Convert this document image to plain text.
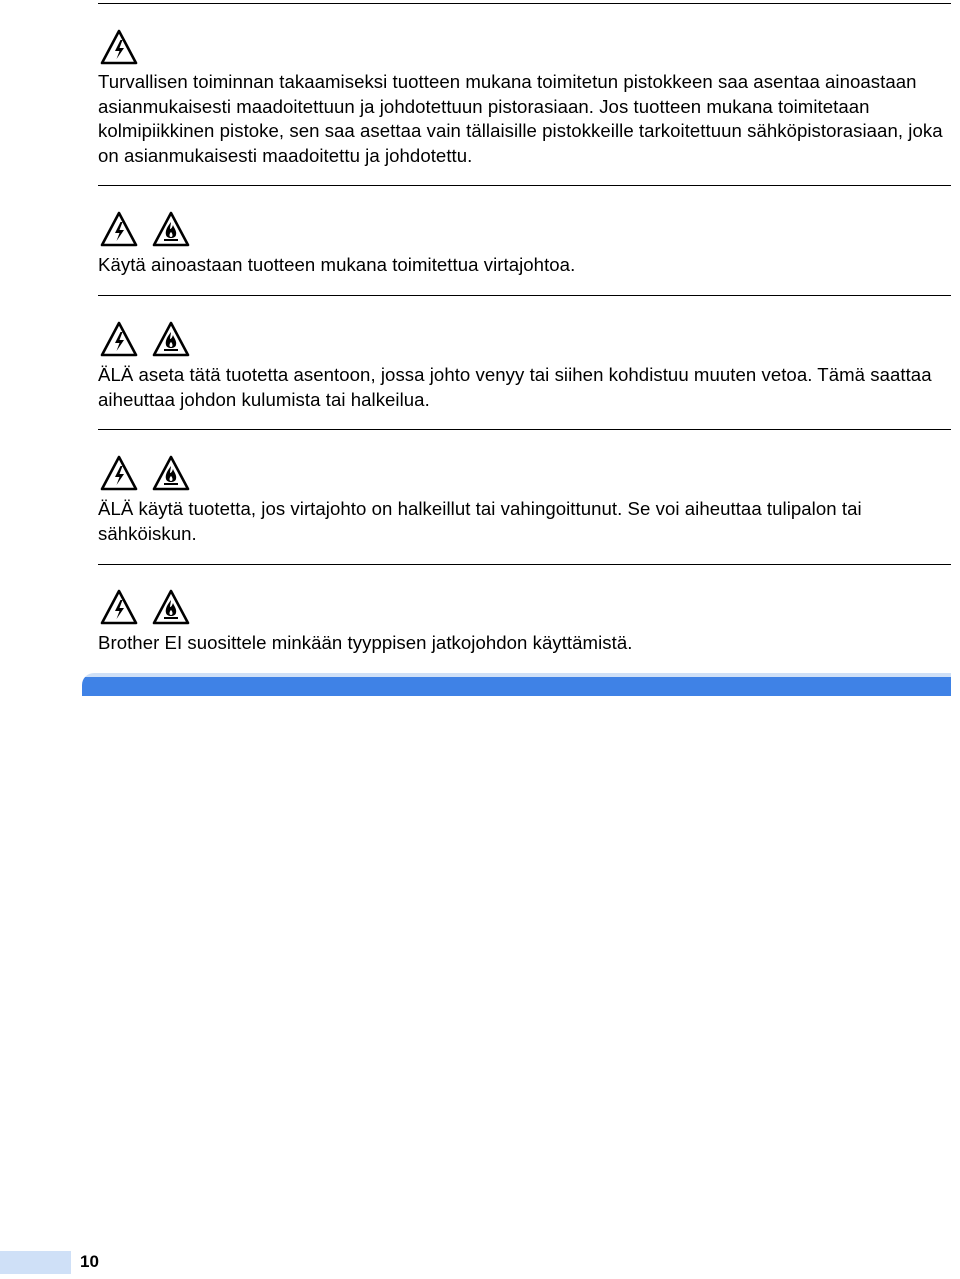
Turvallisen toiminnan takaamiseksi tuotteen mukana toimitetun pistokkeen saa asentaa ainoastaan asianmukaisesti maadoitettuun ja johdotettuun pistorasiaan. Jos tuotteen mukana toimitetaan kolmipiikkinen pistoke, sen saa asettaa vain tällaisille pistokkeille tarkoitettuun sähköpistorasiaan, joka on asianmukaisesti maadoitettu ja johdotettu.

Käytä ainoastaan tuotteen mukana toimitettua virtajohtoa.

ÄLÄ aseta tätä tuotetta asentoon, jossa johto venyy tai siihen kohdistuu muuten vetoa. Tämä saattaa aiheuttaa johdon kulumista tai halkeilua.

ÄLÄ käytä tuotetta, jos virtajohto on halkeillut tai vahingoittunut. Se voi aiheuttaa tulipalon tai sähköiskun.

Brother EI suosittele minkään tyyppisen jatkojohdon käyttämistä.

10
